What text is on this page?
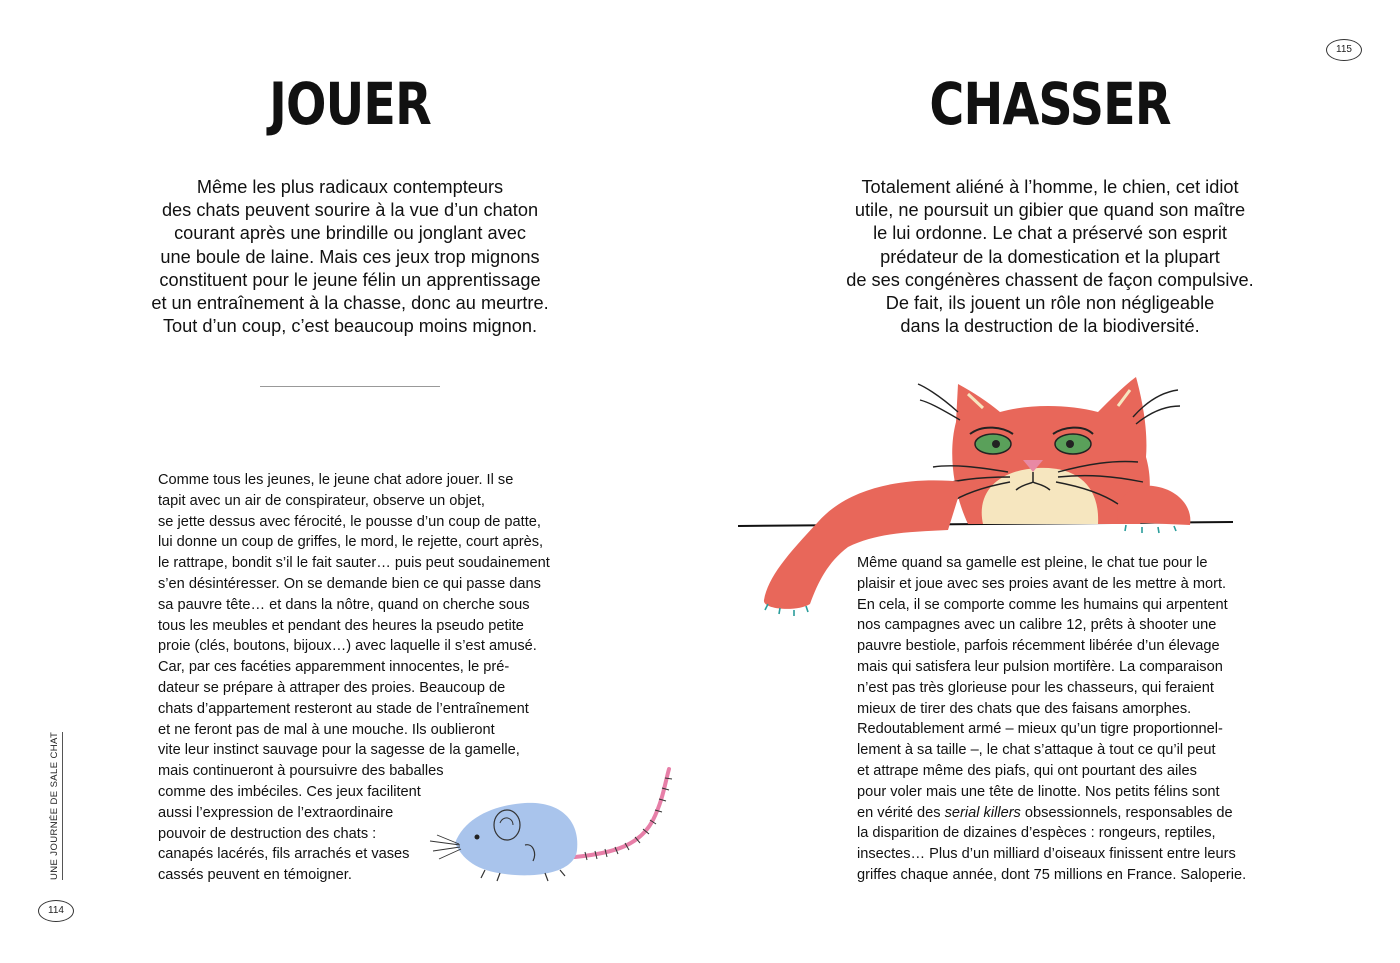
JOUER

Même les plus radicaux contempteurs
des chats peuvent sourire à la vue d’un chaton
courant après une brindille ou jonglant avec
une boule de laine. Mais ces jeux trop mignons
constituent pour le jeune félin un apprentissage
et un entraînement à la chasse, donc au meurtre.
Tout d’un coup, c’est beaucoup moins mignon.

Comme tous les jeunes, le jeune chat adore jouer. Il se
tapit avec un air de conspirateur, observe un objet,
se jette dessus avec férocité, le pousse d’un coup de patte,
lui donne un coup de griffes, le mord, le rejette, court après,
le rattrape, bondit s’il le fait sauter… puis peut soudainement
s’en désintéresser. On se demande bien ce qui passe dans
sa pauvre tête… et dans la nôtre, quand on cherche sous
tous les meubles et pendant des heures la pseudo petite
proie (clés, boutons, bijoux…) avec laquelle il s’est amusé.
Car, par ces facéties apparemment innocentes, le pré-
dateur se prépare à attraper des proies. Beaucoup de
chats d’appartement resteront au stade de l’entraînement
et ne feront pas de mal à une mouche. Ils oublieront
vite leur instinct sauvage pour la sagesse de la gamelle,
mais continueront à poursuivre des baballes
comme des imbéciles. Ces jeux facilitent
aussi l’expression de l’extraordinaire
pouvoir de destruction des chats :
canapés lacérés, fils arrachés et vases
cassés peuvent en témoigner.

114
UNE JOURNÉE DE SALE CHAT
CHASSER

Totalement aliéné à l’homme, le chien, cet idiot
utile, ne poursuit un gibier que quand son maître
le lui ordonne. Le chat a préservé son esprit
prédateur de la domestication et la plupart
de ses congénères chassent de façon compulsive.
De fait, ils jouent un rôle non négligeable
dans la destruction de la biodiversité.

Même quand sa gamelle est pleine, le chat tue pour le
plaisir et joue avec ses proies avant de les mettre à mort.
En cela, il se comporte comme les humains qui arpentent
nos campagnes avec un calibre 12, prêts à shooter une
pauvre bestiole, parfois récemment libérée d’un élevage
mais qui satisfera leur pulsion mortifère. La comparaison
n’est pas très glorieuse pour les chasseurs, qui feraient
mieux de tirer des chats que des faisans amorphes.
Redoutablement armé – mieux qu’un tigre proportionnel-
lement à sa taille –, le chat s’attaque à tout ce qu’il peut
et attrape même des piafs, qui ont pourtant des ailes
pour voler mais une tête de linotte. Nos petits félins sont
en vérité des serial killers obsessionnels, responsables de
la disparition de dizaines d’espèces : rongeurs, reptiles,
insectes… Plus d’un milliard d’oiseaux finissent entre leurs
griffes chaque année, dont 75 millions en France. Saloperie.

115
